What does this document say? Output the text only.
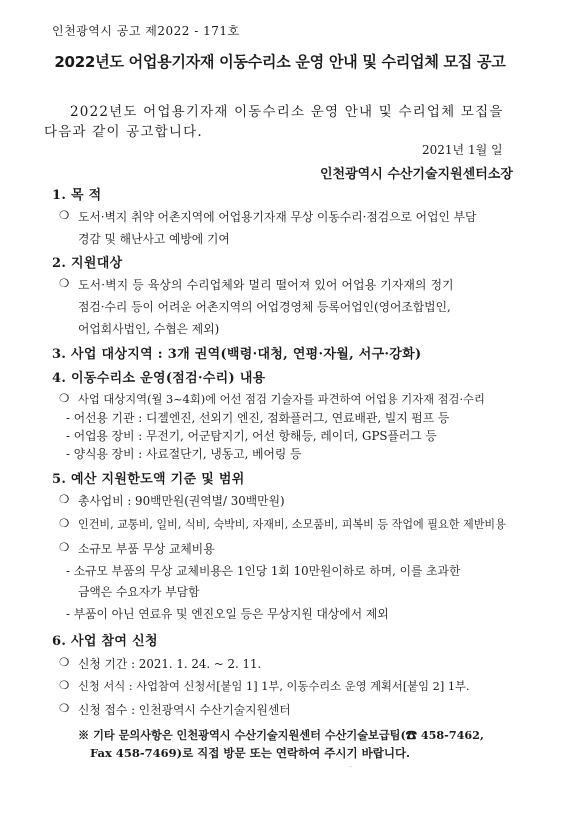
인천광역시 공고 제2022 - 171호
2022년도 어업용기자재 이동수리소 운영 안내 및 수리업체 모집 공고
2022년도 어업용기자재 이동수리소 운영 안내 및 수리업체 모집을
다음과 같이 공고합니다.
2021년 1월 일
인천광역시 수산기술지원센터소장
1. 목 적
❍ 도서·벽지 취약 어촌지역에 어업용기자재 무상 이동수리·점검으로 어업인 부담
경감 및 해난사고 예방에 기여
2. 지원대상
❍ 도서·벽지 등 육상의 수리업체와 멀리 떨어져 있어 어업용 기자재의 정기
점검·수리 등이 어려운 어촌지역의 어업경영체 등록어업인(영어조합법인,
어업회사법인, 수협은 제외)
3. 사업 대상지역 : 3개 권역(백령·대청, 연평·자월, 서구·강화)
4. 이동수리소 운영(점검·수리) 내용
❍ 사업 대상지역(월 3~4회)에 어선 점검 기술자를 파견하여 어업용 기자재 점검·수리
- 어선용 기관 : 디젤엔진, 선외기 엔진, 점화플러그, 연료배관, 빌지 펌프 등
- 어업용 장비 : 무전기, 어군탐지기, 어선 항해등, 레이더, GPS플러그 등
- 양식용 장비 : 사료절단기, 냉동고, 베어링 등
5. 예산 지원한도액 기준 및 범위
❍ 총사업비 : 90백만원(권역별/ 30백만원)
❍ 인건비, 교통비, 일비, 식비, 숙박비, 자재비, 소모품비, 피복비 등 작업에 필요한 제반비용
❍ 소규모 부품 무상 교체비용
- 소규모 부품의 무상 교체비용은 1인당 1회 10만원이하로 하며, 이를 초과한
금액은 수요자가 부담함
- 부품이 아닌 연료유 및 엔진오일 등은 무상지원 대상에서 제외
6. 사업 참여 신청
❍ 신청 기간 : 2021. 1. 24. ~ 2. 11.
❍ 신청 서식 : 사업참여 신청서[붙임 1] 1부, 이동수리소 운영 계획서[붙임 2] 1부.
❍ 신청 접수 : 인천광역시 수산기술지원센터
※ 기타 문의사항은 인천광역시 수산기술지원센터 수산기술보급팀(☎ 458-7462,
Fax 458-7469)로 직접 방문 또는 연락하여 주시기 바랍니다.
.
